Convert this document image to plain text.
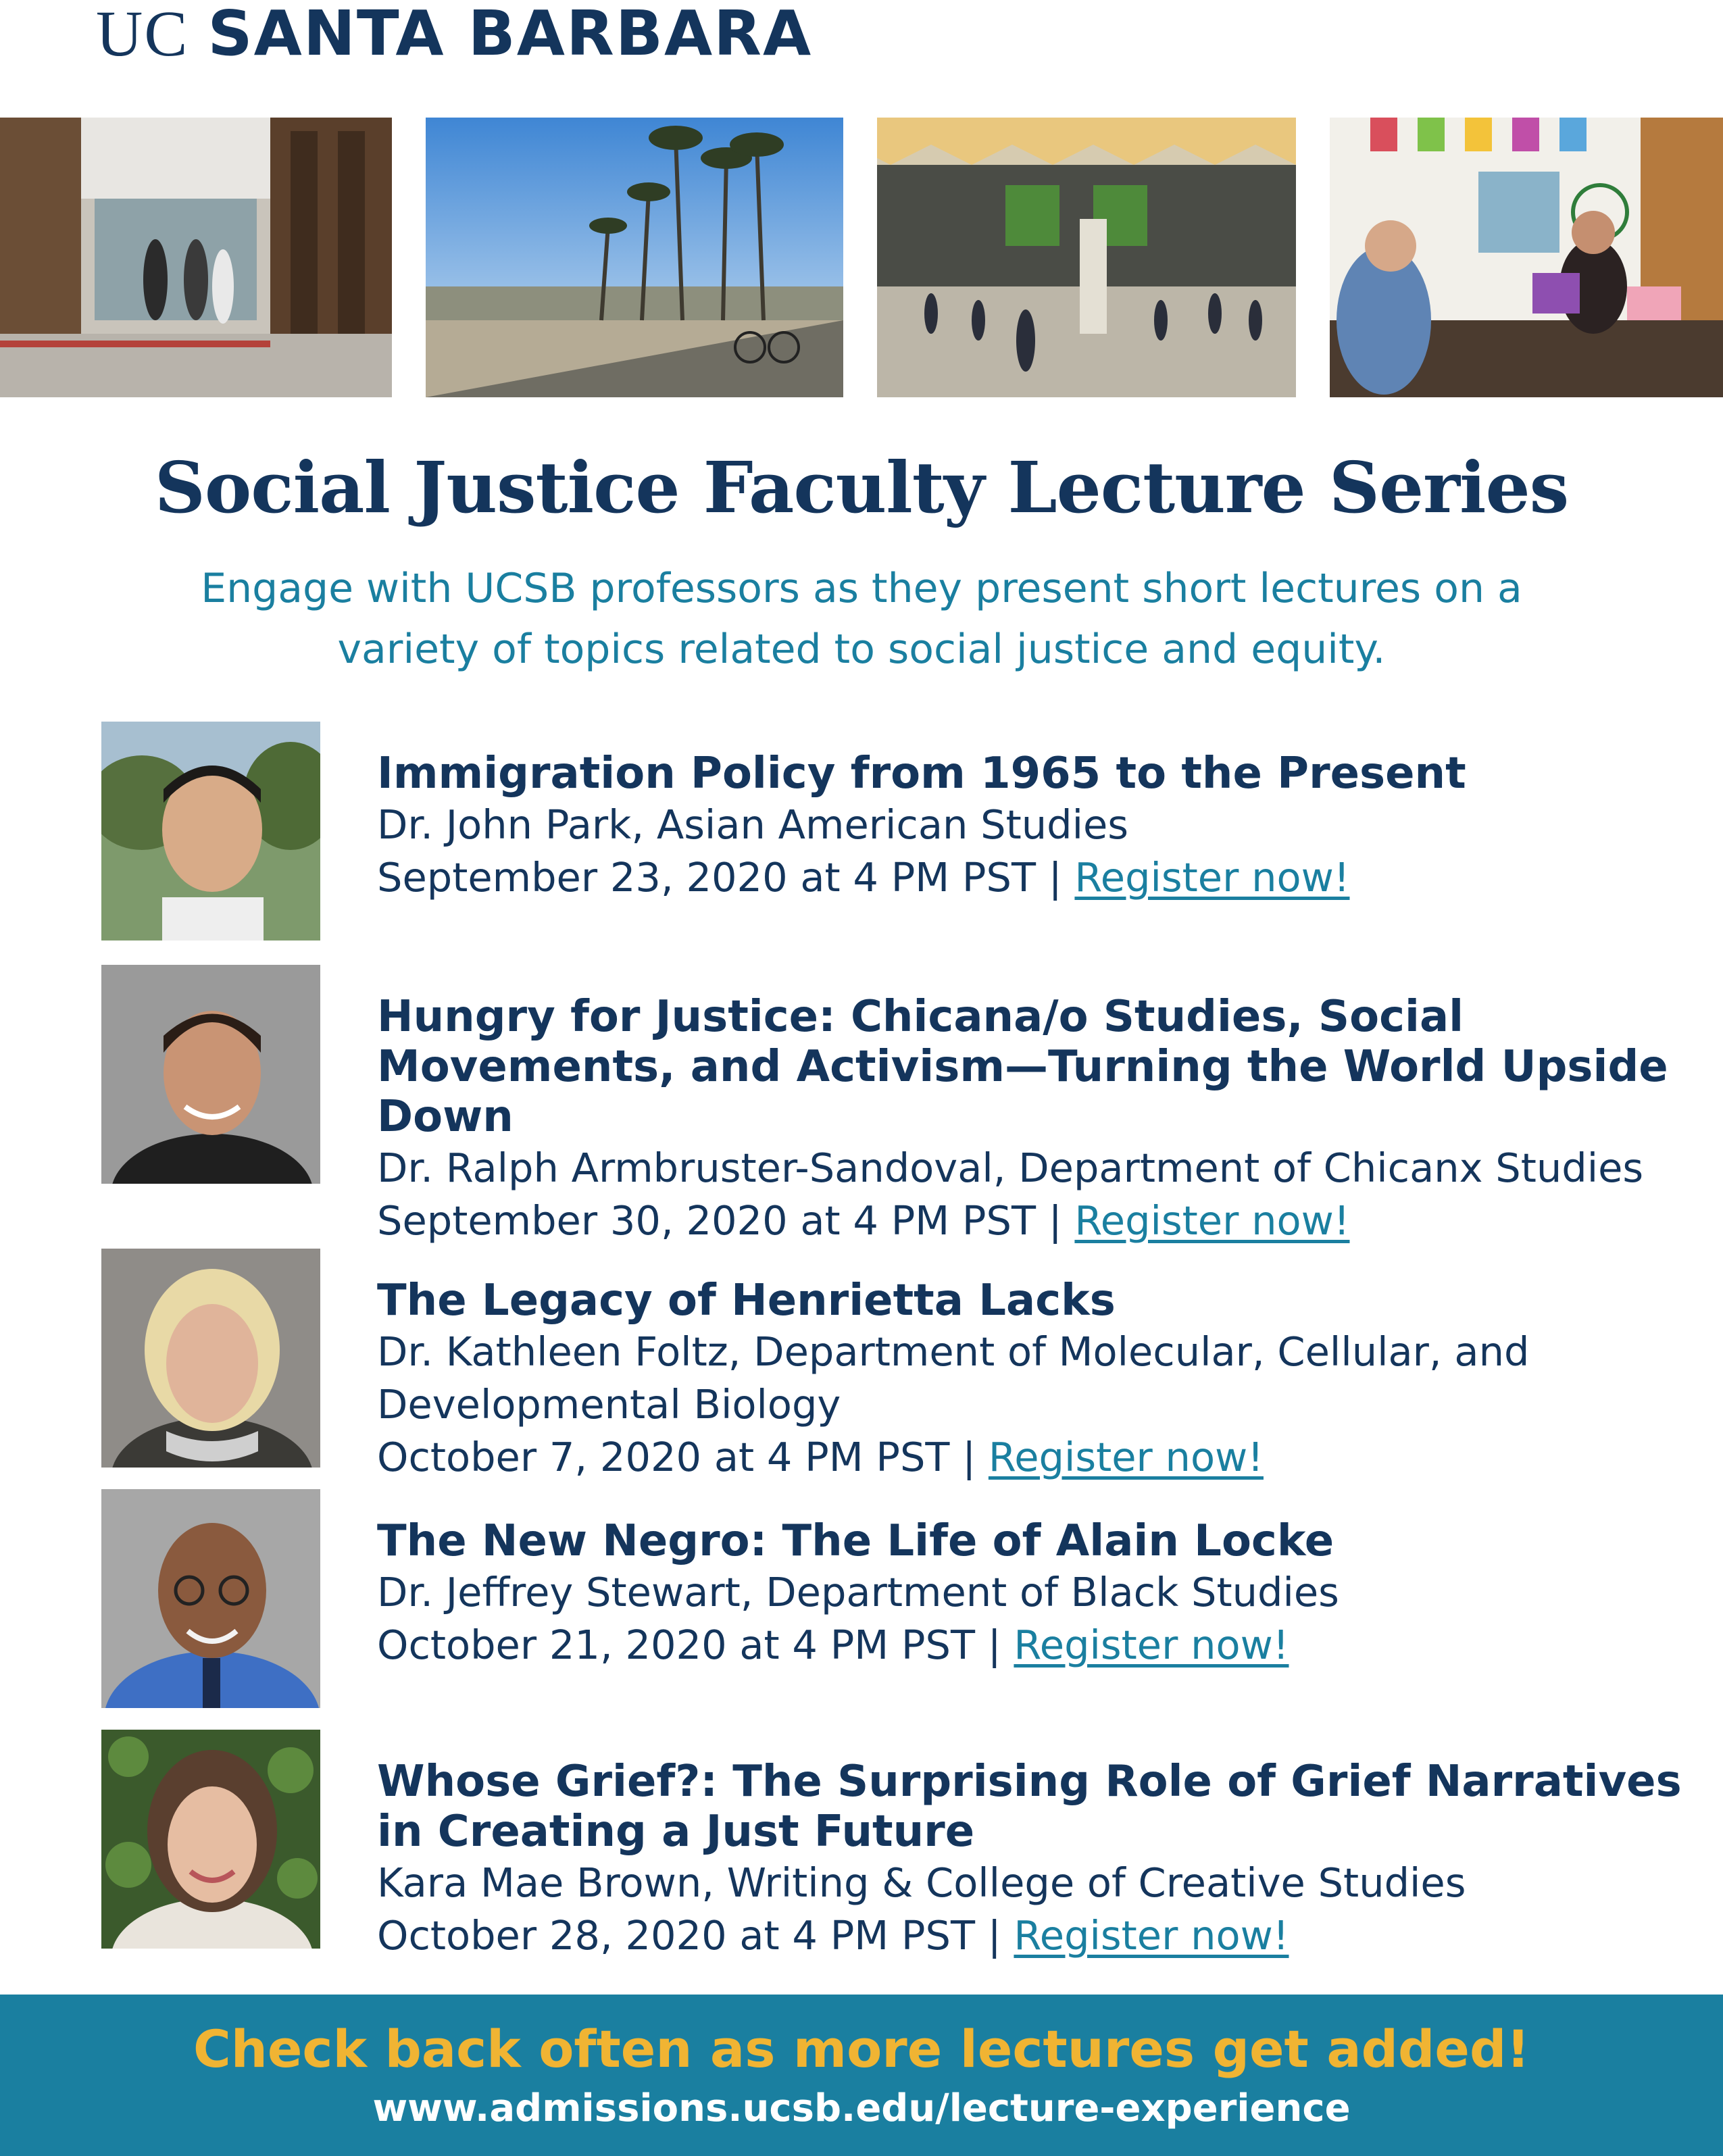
UC SANTA BARBARA
Social Justice Faculty Lecture Series

Engage with UCSB professors as they present short lectures on a variety of topics related to social justice and equity.

Immigration Policy from 1965 to the Present

Dr. John Park, Asian American Studies

September 23, 2020 at 4 PM PST | Register now!

Hungry for Justice: Chicana/o Studies, Social Movements, and Activism—Turning the World Upside Down

Dr. Ralph Armbruster-Sandoval, Department of Chicanx Studies

September 30, 2020 at 4 PM PST | Register now!

The Legacy of Henrietta Lacks

Dr. Kathleen Foltz, Department of Molecular, Cellular, and Developmental Biology

October 7, 2020 at 4 PM PST | Register now!

The New Negro: The Life of Alain Locke

Dr. Jeffrey Stewart, Department of Black Studies

October 21, 2020 at 4 PM PST | Register now!

Whose Grief?: The Surprising Role of Grief Narratives in Creating a Just Future

Kara Mae Brown, Writing & College of Creative Studies

October 28, 2020 at 4 PM PST | Register now!

Check back often as more lectures get added!

www.admissions.ucsb.edu/lecture-experience
